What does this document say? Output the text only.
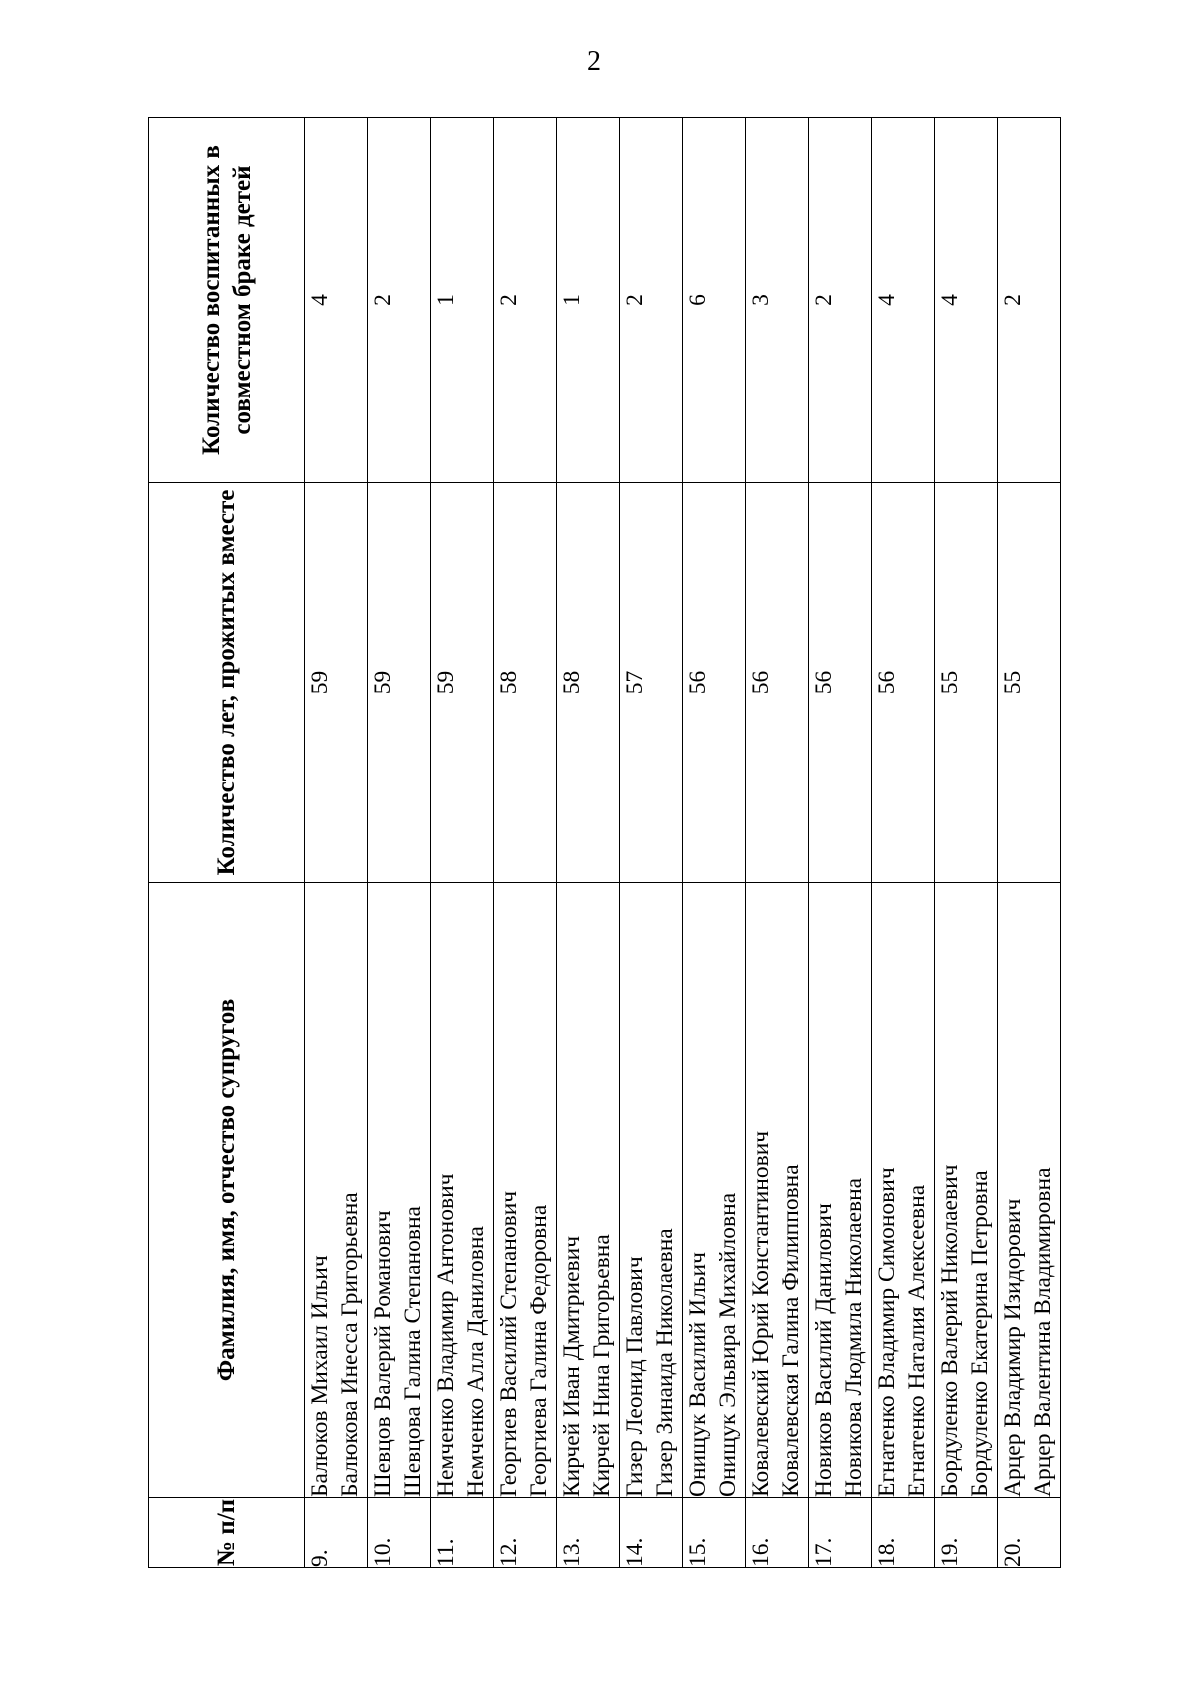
2
№ п/п	Фамилия, имя, отчество супругов	Количество лет, прожитых вместе	Количество воспитанных в совместном браке детей
9.	Балюков Михаил Ильич Балюкова Инесса Григорьевна	59	4
10.	Шевцов Валерий Романович Шевцова Галина Степановна	59	2
11.	Немченко Владимир Антонович Немченко Алла Даниловна	59	1
12.	Георгиев Василий Степанович Георгиева Галина Федоровна	58	2
13.	Кирчей Иван Дмитриевич Кирчей Нина Григорьевна	58	1
14.	Гизер Леонид Павлович Гизер Зинаида Николаевна	57	2
15.	Онищук Василий Ильич Онищук Эльвира Михайловна	56	6
16.	Ковалевский Юрий Константинович Ковалевская Галина Филипповна	56	3
17.	Новиков Василий Данилович Новикова Людмила Николаевна	56	2
18.	Егнатенко Владимир Симонович Егнатенко Наталия Алексеевна	56	4
19.	Бордуленко Валерий Николаевич Бордуленко Екатерина Петровна	55	4
20.	Арцер Владимир Изидорович Арцер Валентина Владимировна	55	2
